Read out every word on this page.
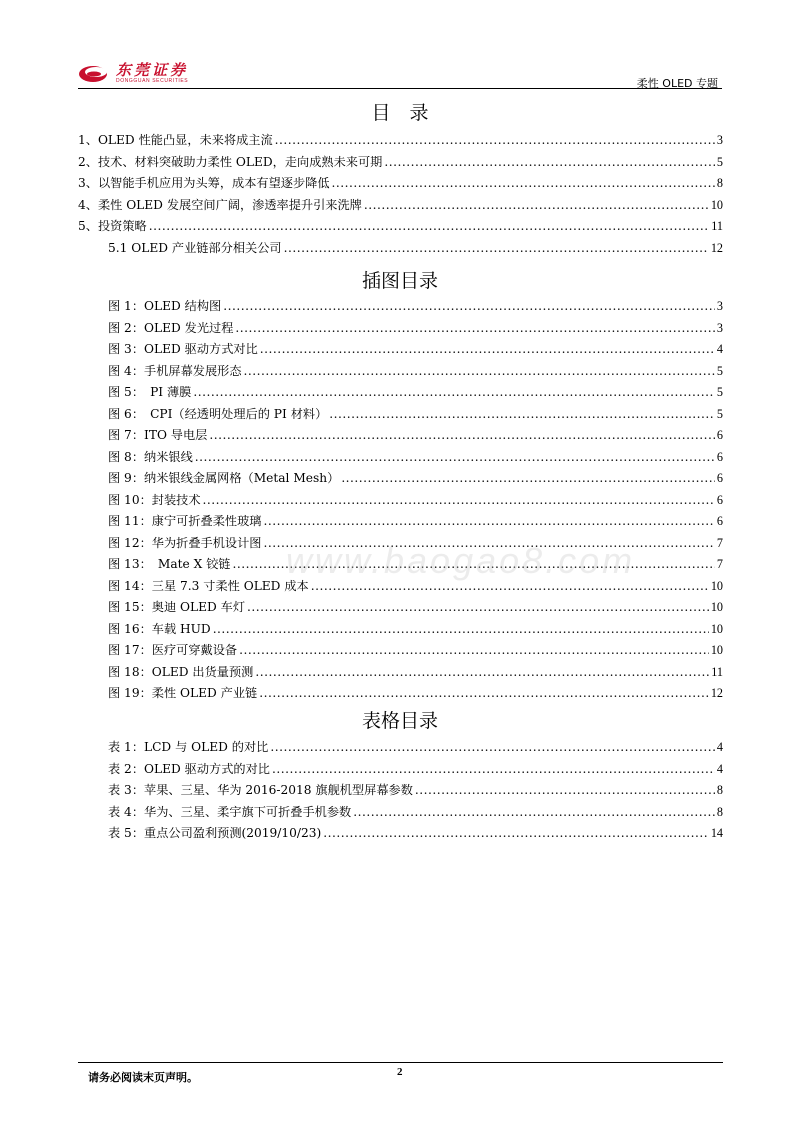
东莞证券
DONGGUAN SECURITIES	柔性 OLED 专题
目　录
1、OLED 性能凸显，未来将成主流 .....	3
2、技术、材料突破助力柔性 OLED，走向成熟未来可期 .....	5
3、以智能手机应用为头筹，成本有望逐步降低 .....	8
4、柔性 OLED 发展空间广阔，渗透率提升引来洗牌 .....	10
5、投资策略 .....	11
5.1 OLED 产业链部分相关公司 .....	12
插图目录
图 1：OLED 结构图 .....	3
图 2：OLED 发光过程 .....	3
图 3：OLED 驱动方式对比 .....	4
图 4：手机屏幕发展形态 .....	5
图 5：　PI 薄膜 .....	5
图 6：　CPI（经透明处理后的 PI 材料） .....	5
图 7：ITO 导电层 .....	6
图 8：纳米银线 .....	6
图 9：纳米银线金属网格（Metal Mesh） .....	6
图 10：封装技术 .....	6
图 11：康宁可折叠柔性玻璃 .....	6
图 12：华为折叠手机设计图 .....	7
图 13：　Mate X 铰链 .....	7
图 14：三星 7.3 寸柔性 OLED 成本 .....	10
图 15：奥迪 OLED 车灯 .....	10
图 16：车载 HUD .....	10
图 17：医疗可穿戴设备 .....	10
图 18：OLED 出货量预测 .....	11
图 19：柔性 OLED 产业链 .....	12
表格目录
表 1：LCD 与 OLED 的对比 .....	4
表 2：OLED 驱动方式的对比 .....	4
表 3：苹果、三星、华为 2016-2018 旗舰机型屏幕参数 .....	8
表 4：华为、三星、柔宇旗下可折叠手机参数 .....	8
表 5：重点公司盈利预测(2019/10/23) .....	14
www.baogao8.com
请务必阅读末页声明。	2
